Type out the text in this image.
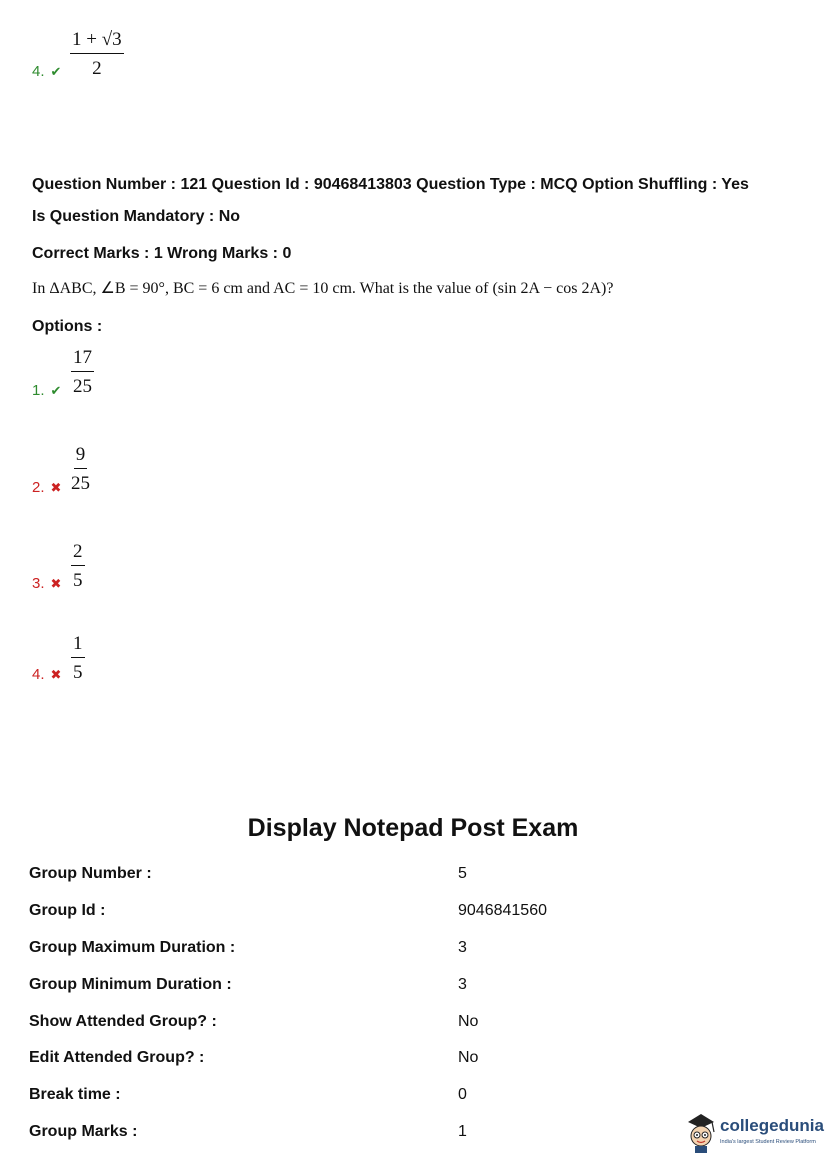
$\frac{1 + √3}{2}$
4. ✔
Question Number : 121 Question Id : 90468413803 Question Type : MCQ Option Shuffling : Yes
Is Question Mandatory : No
Correct Marks : 1 Wrong Marks : 0
In ΔABC, ∠B = 90°, BC = 6 cm and AC = 10 cm. What is the value of (sin 2A − cos 2A)?
Options :
$\frac{17}{25}$
1. ✔
$\frac{9}{25}$
2. ✖
$\frac{2}{5}$
3. ✖
$\frac{1}{5}$
4. ✖
Display Notepad Post Exam
Group Number :	5
Group Id :	9046841560
Group Maximum Duration :	3
Group Minimum Duration :	3
Show Attended Group? :	No
Edit Attended Group? :	No
Break time :	0
Group Marks :	1	collegedunia
India's largest Student Review Platform
